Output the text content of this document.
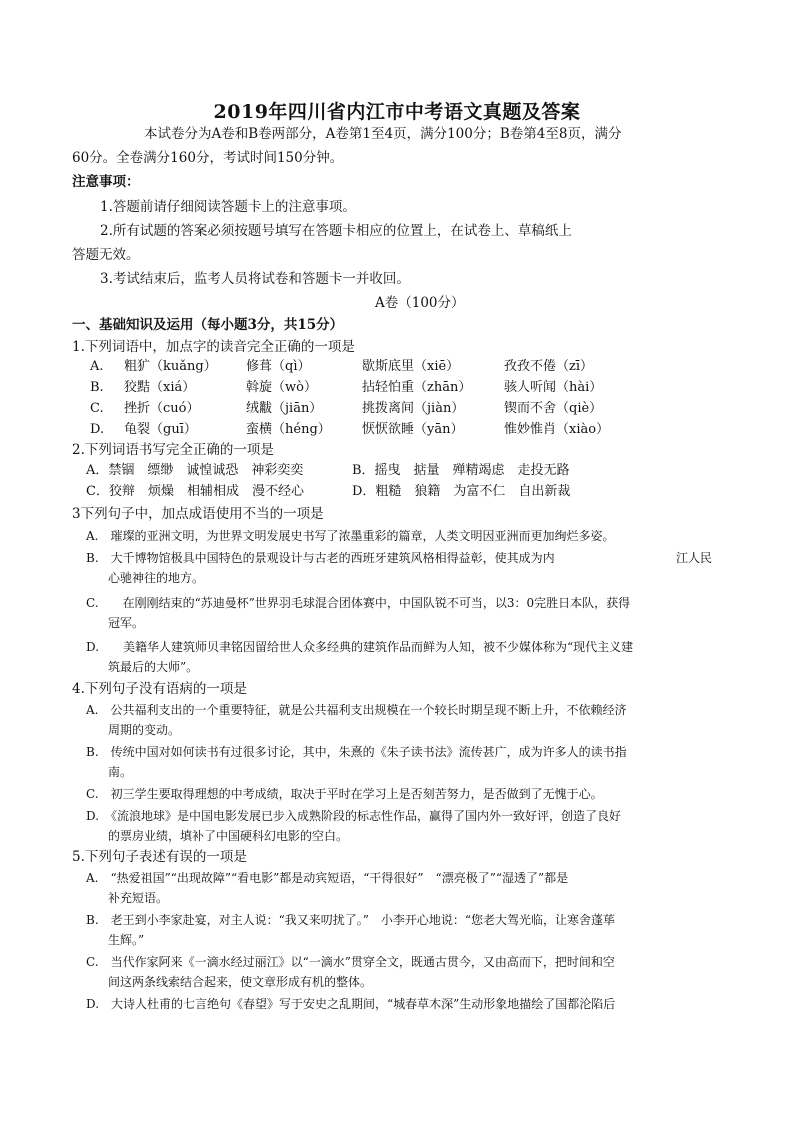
2019年四川省内江市中考语文真题及答案
本试卷分为A卷和B卷两部分，A卷第1至4页，满分100分；B卷第4至8页，满分
60分。全卷满分160分，考试时间150分钟。
注意事项：
1.答题前请仔细阅读答题卡上的注意事项。
2.所有试题的答案必须按题号填写在答题卡相应的位置上，在试卷上、草稿纸上
答题无效。
3.考试结束后，监考人员将试卷和答题卡一并收回。
A卷（100分）
一、基础知识及运用（每小题3分，共15分）
1.下列词语中，加点字的读音完全正确的一项是
A. 粗犷（kuǎng） 修葺（qì）	歇斯底里（xiē）	孜孜不倦（zī）
B. 狡黠（xiá）	斡旋（wò）	拈轻怕重（zhān）	骇人听闻（hài）
C. 挫折（cuó）	绒黻（jiān）	挑拨离间（jiàn）	锲而不舍（qiè）
D. 龟裂（guī）	蛮横（héng） 恹恹欲睡（yān）	惟妙惟肖（xiào）
2.下列词语书写完全正确的一项是
A．禁锢　缥缈　诚惶诚恐　神彩奕奕	B．摇曳　掂量　殚精竭虑　走投无路
C．狡辩　烦燥　相辅相成　漫不经心	D．粗糙　狼籍　为富不仁　自出新裁
3下列句子中，加点成语使用不当的一项是
A.　璀璨的亚洲文明，为世界文明发展史书写了浓墨重彩的篇章，人类文明因亚洲而更加绚烂多姿。
B.　大千博物馆极具中国特色的景观设计与古老的西班牙建筑风格相得益彰，使其成为内	江人民
心驰神往的地方。
C.　　在刚刚结束的“苏迪曼杯”世界羽毛球混合团体赛中，中国队锐不可当，以3：0完胜日本队，获得
冠军。
D.　　美籍华人建筑师贝聿铭因留给世人众多经典的建筑作品而鲜为人知，被不少媒体称为“现代主义建
筑最后的大师”。
4.下列句子没有语病的一项是
A.　公共福利支出的一个重要特征，就是公共福利支出规模在一个较长时期呈现不断上升，不依赖经济
周期的变动。
B.　传统中国对如何读书有过很多讨论，其中，朱熹的《朱子读书法》流传甚广，成为许多人的读书指
南。
C.　初三学生要取得理想的中考成绩，取决于平时在学习上是否刻苦努力，是否做到了无愧于心。
D.　《流浪地球》是中国电影发展已步入成熟阶段的标志性作品，赢得了国内外一致好评，创造了良好
的票房业绩，填补了中国硬科幻电影的空白。
5.下列句子表述有误的一项是
A.　“热爱祖国”“出现故障”“看电影”都是动宾短语，“干得很好”　“漂亮极了”“湿透了”都是
补充短语。
B.　老王到小李家赴宴，对主人说：“我又来叨扰了。”　小李开心地说：“您老大驾光临，让寒舍蓬荜
生辉。”
C.　当代作家阿来《一滴水经过丽江》以“一滴水”贯穿全文，既通古贯今，又由高而下，把时间和空
间这两条线索结合起来，使文章形成有机的整体。
D.　大诗人杜甫的七言绝句《春望》写于安史之乱期间，“城春草木深”生动形象地描绘了国都沦陷后
